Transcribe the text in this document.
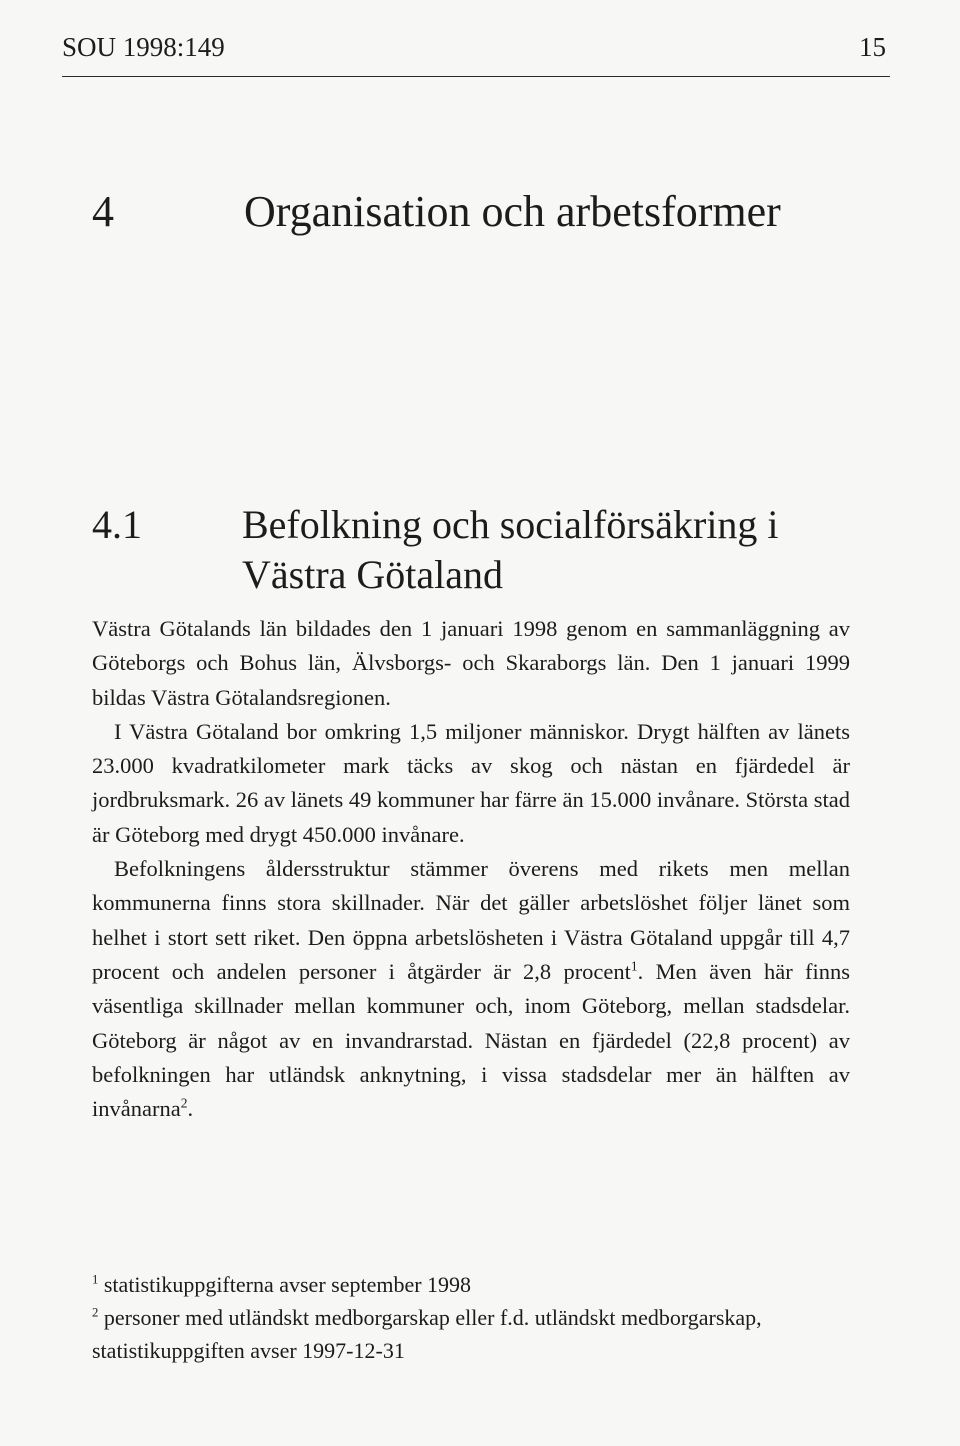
SOU 1998:149	15
4	Organisation och arbetsformer
4.1	Befolkning och socialförsäkring i
Västra Götaland

Västra Götalands län bildades den 1 januari 1998 genom en sammanläggning av Göteborgs och Bohus län, Älvsborgs- och Skaraborgs län. Den 1 januari 1999 bildas Västra Götalandsregionen.

I Västra Götaland bor omkring 1,5 miljoner människor. Drygt hälften av länets 23.000 kvadratkilometer mark täcks av skog och nästan en fjärdedel är jordbruksmark. 26 av länets 49 kommuner har färre än 15.000 invånare. Största stad är Göteborg med drygt 450.000 invånare.

Befolkningens åldersstruktur stämmer överens med rikets men mellan kommunerna finns stora skillnader. När det gäller arbetslöshet följer länet som helhet i stort sett riket. Den öppna arbetslösheten i Västra Götaland uppgår till 4,7 procent och andelen personer i åtgärder är 2,8 procent$^1$. Men även här finns väsentliga skillnader mellan kommuner och, inom Göteborg, mellan stadsdelar. Göteborg är något av en invandrarstad. Nästan en fjärdedel (22,8 procent) av befolkningen har utländsk anknytning, i vissa stadsdelar mer än hälften av invånarna$^2$.

$^1$ statistikuppgifterna avser september 1998
$^2$ personer med utländskt medborgarskap eller f.d. utländskt medborgarskap, statistikuppgiften avser 1997-12-31
